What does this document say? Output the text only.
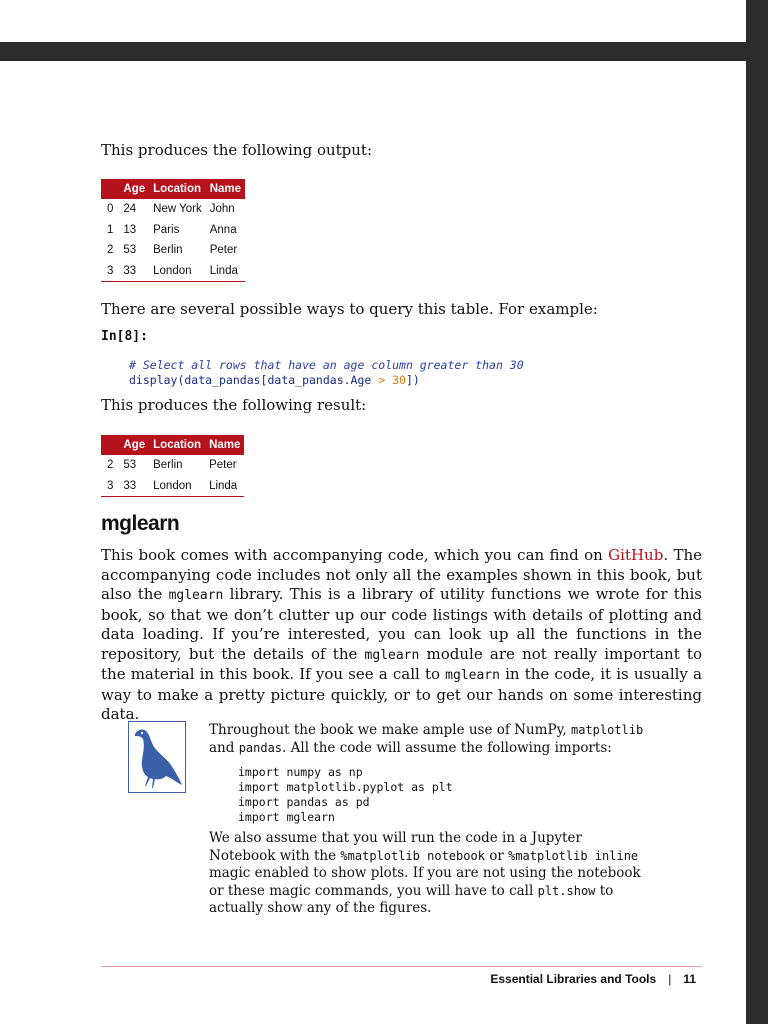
This produces the following output:

	Age	Location	Name
0	24	New York	John
1	13	Paris	Anna
2	53	Berlin	Peter
3	33	London	Linda

There are several possible ways to query this table. For example:

In[8]:
# Select all rows that have an age column greater than 30
display(data_pandas[data_pandas.Age > 30])

This produces the following result:

	Age	Location	Name
2	53	Berlin	Peter
3	33	London	Linda
mglearn

This book comes with accompanying code, which you can find on GitHub. The accompanying code includes not only all the examples shown in this book, but also the mglearn library. This is a library of utility functions we wrote for this book, so that we don’t clutter up our code listings with details of plotting and data loading. If you’re interested, you can look up all the functions in the repository, but the details of the mglearn module are not really important to the material in this book. If you see a call to mglearn in the code, it is usually a way to make a pretty picture quickly, or to get our hands on some interesting data.

Throughout the book we make ample use of NumPy, matplotlib and pandas. All the code will assume the following imports:

import numpy as np
import matplotlib.pyplot as plt
import pandas as pd
import mglearn

We also assume that you will run the code in a Jupyter Notebook with the %matplotlib notebook or %matplotlib inline magic enabled to show plots. If you are not using the notebook or these magic commands, you will have to call plt.show to actually show any of the figures.

Essential Libraries and Tools | 11
